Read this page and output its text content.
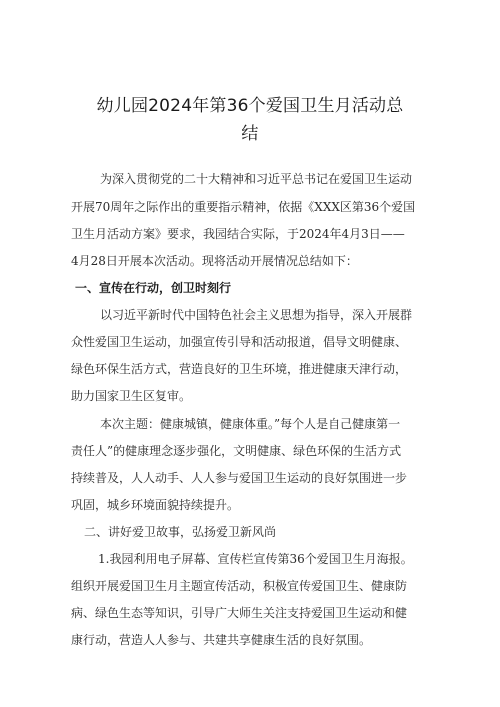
幼儿园2024年第36个爱国卫生月活动总
结
为深入贯彻党的二十大精神和习近平总书记在爱国卫生运动
开展70周年之际作出的重要指示精神，依据《XXX区第36个爱国
卫生月活动方案》要求，我园结合实际，于2024年4月3日——
4月28日开展本次活动。现将活动开展情况总结如下：
一、宣传在行动，创卫时刻行
以习近平新时代中国特色社会主义思想为指导，深入开展群
众性爱国卫生运动，加强宣传引导和活动报道，倡导文明健康、
绿色环保生活方式，营造良好的卫生环境，推进健康天津行动，
助力国家卫生区复审。
本次主题：健康城镇，健康体重。”每个人是自己健康第一
责任人”的健康理念逐步强化，文明健康、绿色环保的生活方式
持续普及，人人动手、人人参与爱国卫生运动的良好氛围进一步
巩固，城乡环境面貌持续提升。
二、讲好爱卫故事，弘扬爱卫新风尚
1.我园利用电子屏幕、宣传栏宣传第36个爱国卫生月海报。
组织开展爱国卫生月主题宣传活动，积极宣传爱国卫生、健康防
病、绿色生态等知识，引导广大师生关注支持爱国卫生运动和健
康行动，营造人人参与、共建共享健康生活的良好氛围。
